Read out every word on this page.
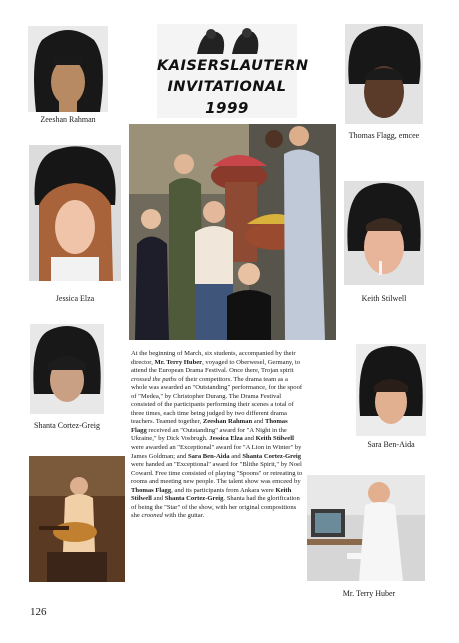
KAISERSLAUTERN
INVITATIONAL
1999
Zeeshan Rahman
Thomas Flagg, emcee
Jessica Elza	Keith Stilwell
Shanta Cortez-Greig
Sara Ben-Aida
Mr. Terry Huber

At the beginning of March, six students, accompanied by their director, Mr. Terry Huber, voyaged to Oberwesel, Germany, to attend the European Drama Festival. Once there, Trojan spirit crossed the paths of their competitors. The drama team as a whole was awarded an "Outstanding" performance, for the spoof of "Medea," by Christopher Durang. The Drama Festival consisted of the participants performing their scenes a total of three times, each time being judged by two different drama teachers. Teamed together, Zeeshan Rahman and Thomas Flagg received an "Outstanding" award for "A Night in the Ukraine," by Dick Vosbrugh. Jessica Elza and Keith Stilwell were awarded an "Exceptional" award for "A Lion in Winter" by James Goldman; and Sara Ben-Aida and Shanta Cortez-Greig were handed an "Exceptional" award for "Blithe Spirit," by Noel Coward. Free time consisted of playing "Spoons" or retreating to rooms and meeting new people. The talent show was emceed by Thomas Flagg, and its participants from Ankara were Keith Stilwell and Shanta Cortez-Greig. Shanta had the glorification of being the "Star" of the show, with her original compositions she crooned with the guitar.

126
